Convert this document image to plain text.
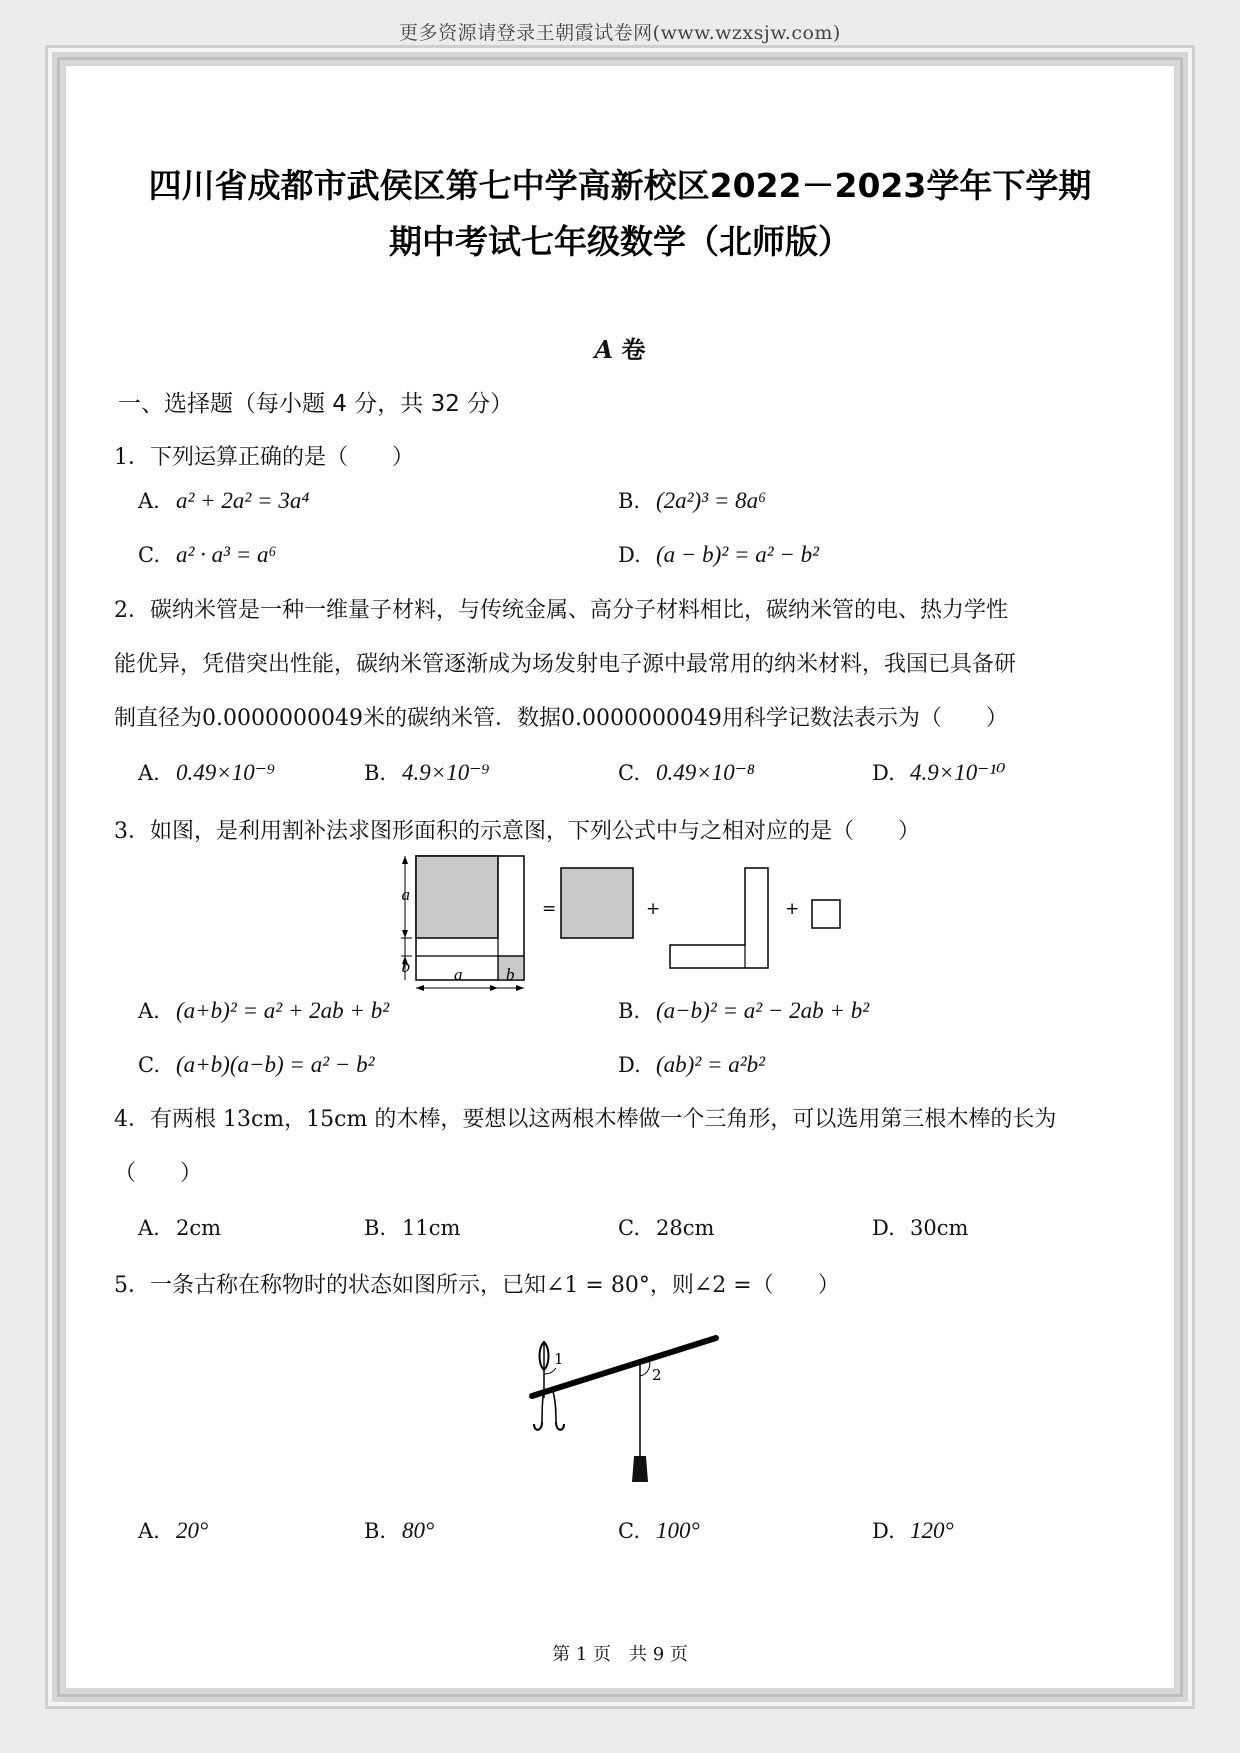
更多资源请登录王朝霞试卷网(www.wzxsjw.com)
四川省成都市武侯区第七中学高新校区2022－2023学年下学期
期中考试七年级数学（北师版）
A 卷
一、选择题（每小题 4 分，共 32 分）
1．下列运算正确的是（　　）
A. a² + 2a² = 3a⁴	B. (2a²)³ = 8a⁶
C. a² · a³ = a⁶	D. (a − b)² = a² − b²
2．碳纳米管是一种一维量子材料，与传统金属、高分子材料相比，碳纳米管的电、热力学性
能优异，凭借突出性能，碳纳米管逐渐成为场发射电子源中最常用的纳米材料，我国已具备研
制直径为0.0000000049米的碳纳米管．数据0.0000000049用科学记数法表示为（　　）
A. 0.49×10⁻⁹	B. 4.9×10⁻⁹	C. 0.49×10⁻⁸	D. 4.9×10⁻¹⁰
3．如图，是利用割补法求图形面积的示意图，下列公式中与之相对应的是（　　）
a
b	a	b
=	+	+
A. (a+b)² = a² + 2ab + b²	B. (a−b)² = a² − 2ab + b²
C. (a+b)(a−b) = a² − b²	D. (ab)² = a²b²
4．有两根 13cm，15cm 的木棒，要想以这两根木棒做一个三角形，可以选用第三根木棒的长为
（　　）
A. 2cm	B. 11cm	C. 28cm	D. 30cm
5．一条古称在称物时的状态如图所示，已知∠1 = 80°，则∠2 =（　　）
1
2
A. 20°	B. 80°	C. 100°	D. 120°
第 1 页　共 9 页
